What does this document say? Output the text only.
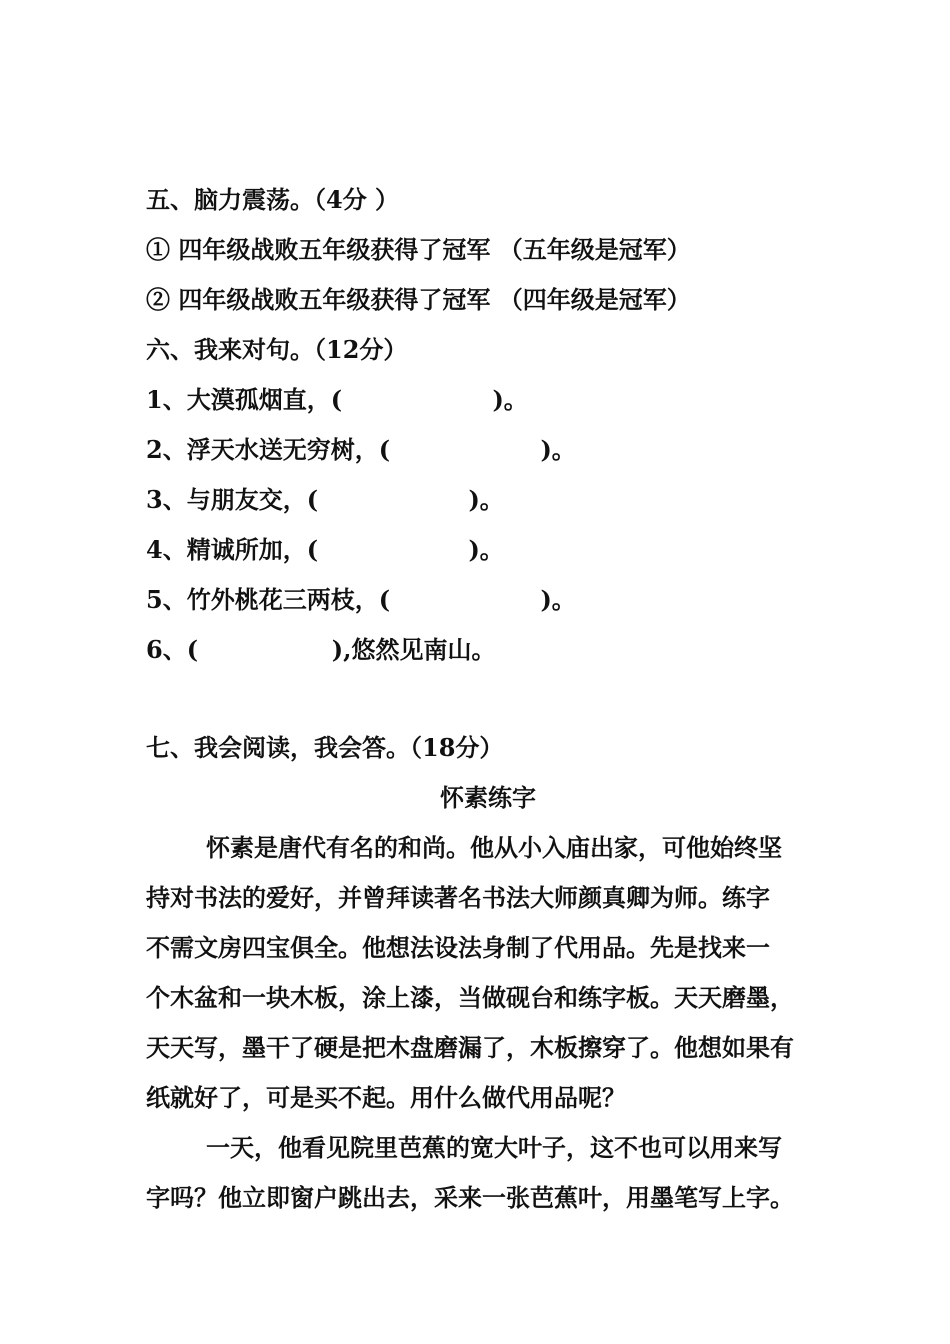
五、脑力震荡。（4分 ）

① 四年级战败五年级获得了冠军 （五年级是冠军）

② 四年级战败五年级获得了冠军 （四年级是冠军）

六、我来对句。（12分）

1、大漠孤烟直，(                  )。

2、浮天水送无穷树，(                  )。

3、与朋友交，(                  )。

4、精诚所加，(                  )。

5、竹外桃花三两枝，(                  )。

6、(                ),悠然见南山。

七、我会阅读，我会答。（18分）

怀素练字

怀素是唐代有名的和尚。他从小入庙出家，可他始终坚

持对书法的爱好，并曾拜读著名书法大师颜真卿为师。练字

不需文房四宝俱全。他想法设法身制了代用品。先是找来一

个木盆和一块木板，涂上漆，当做砚台和练字板。天天磨墨，

天天写，墨干了硬是把木盘磨漏了，木板擦穿了。他想如果有

纸就好了，可是买不起。用什么做代用品呢？

一天，他看见院里芭蕉的宽大叶子，这不也可以用来写

字吗？他立即窗户跳出去，采来一张芭蕉叶，用墨笔写上字。
